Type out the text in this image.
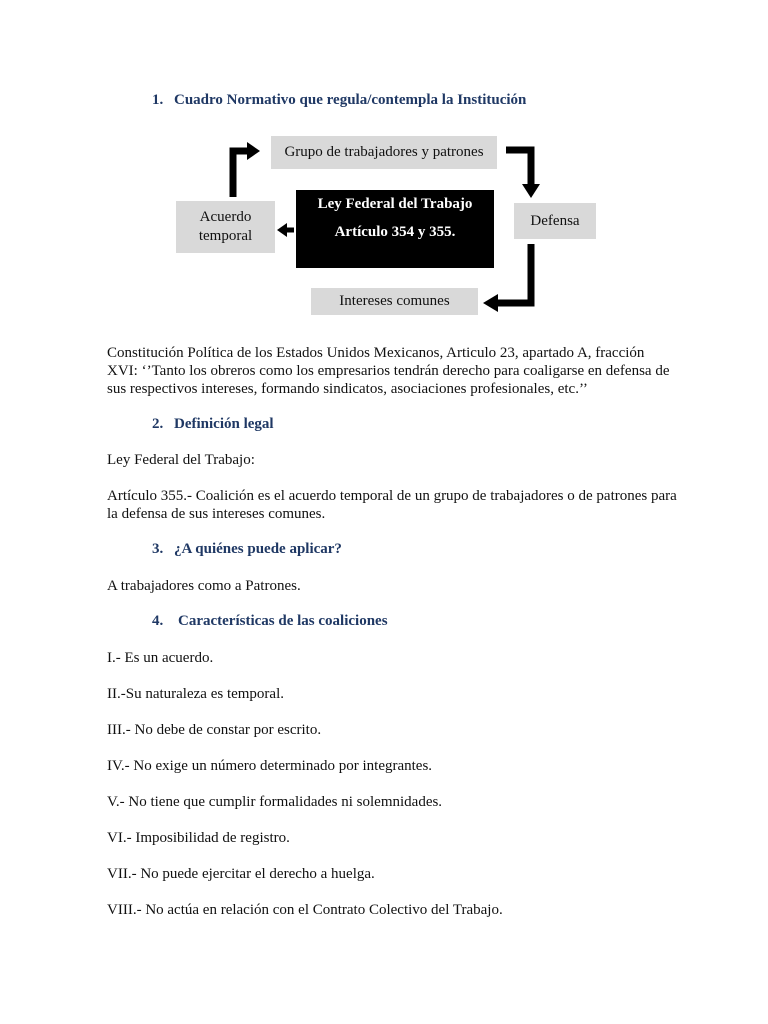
1. Cuadro Normativo que regula/contempla la Institución
Grupo de trabajadores y patrones
Ley Federal del Trabajo
Artículo 354 y 355.
Acuerdo temporal
Defensa
Intereses comunes

Constitución Política de los Estados Unidos Mexicanos, Articulo 23, apartado A, fracción XVI: ‘’Tanto los obreros como los empresarios tendrán derecho para coaligarse en defensa de sus respectivos intereses, formando sindicatos, asociaciones profesionales, etc.’’

2. Definición legal

Ley Federal del Trabajo:

Artículo 355.- Coalición es el acuerdo temporal de un grupo de trabajadores o de patrones para la defensa de sus intereses comunes.

3. ¿A quiénes puede aplicar?

A trabajadores como a Patrones.

4. Características de las coaliciones

I.- Es un acuerdo.

II.-Su naturaleza es temporal.

III.- No debe de constar por escrito.

IV.- No exige un número determinado por integrantes.

V.- No tiene que cumplir formalidades ni solemnidades.

VI.- Imposibilidad de registro.

VII.- No puede ejercitar el derecho a huelga.

VIII.- No actúa en relación con el Contrato Colectivo del Trabajo.
